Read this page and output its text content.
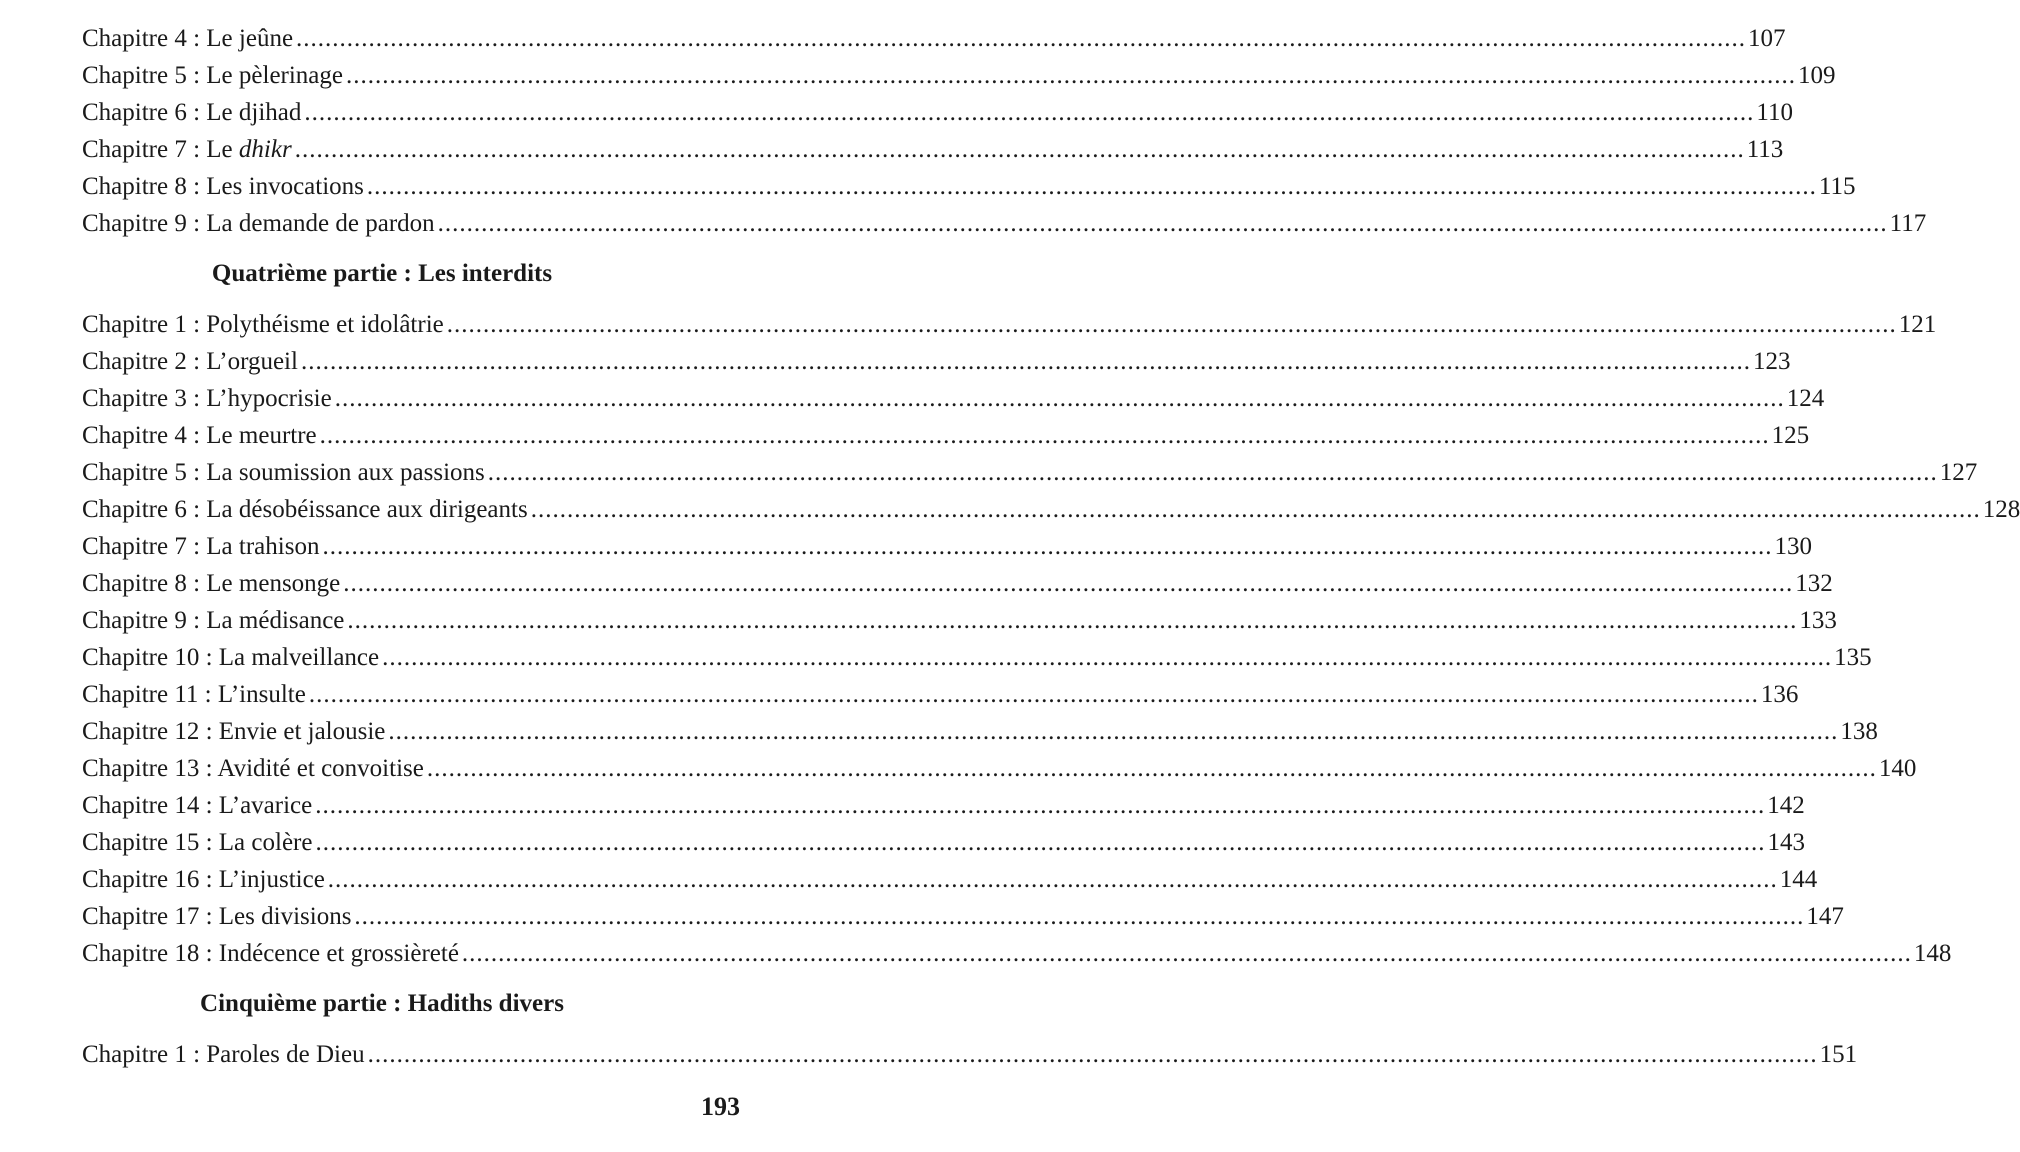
Chapitre 4 : Le jeûne ........................................................................................................................................................................................................ 107
Chapitre 5 : Le pèlerinage ........................................................................................................................................................................................................ 109
Chapitre 6 : Le djihad ........................................................................................................................................................................................................ 110
Chapitre 7 : Le dhikr ........................................................................................................................................................................................................ 113
Chapitre 8 : Les invocations ........................................................................................................................................................................................................ 115
Chapitre 9 : La demande de pardon ........................................................................................................................................................................................................ 117
Quatrième partie : Les interdits
Chapitre 1 : Polythéisme et idolâtrie ........................................................................................................................................................................................................ 121
Chapitre 2 : L’orgueil ........................................................................................................................................................................................................ 123
Chapitre 3 : L’hypocrisie ........................................................................................................................................................................................................ 124
Chapitre 4 : Le meurtre ........................................................................................................................................................................................................ 125
Chapitre 5 : La soumission aux passions ........................................................................................................................................................................................................ 127
Chapitre 6 : La désobéissance aux dirigeants ........................................................................................................................................................................................................ 128
Chapitre 7 : La trahison ........................................................................................................................................................................................................ 130
Chapitre 8 : Le mensonge ........................................................................................................................................................................................................ 132
Chapitre 9 : La médisance ........................................................................................................................................................................................................ 133
Chapitre 10 : La malveillance ........................................................................................................................................................................................................ 135
Chapitre 11 : L’insulte ........................................................................................................................................................................................................ 136
Chapitre 12 : Envie et jalousie ........................................................................................................................................................................................................ 138
Chapitre 13 : Avidité et convoitise ........................................................................................................................................................................................................ 140
Chapitre 14 : L’avarice ........................................................................................................................................................................................................ 142
Chapitre 15 : La colère ........................................................................................................................................................................................................ 143
Chapitre 16 : L’injustice ........................................................................................................................................................................................................ 144
Chapitre 17 : Les divisions ........................................................................................................................................................................................................ 147
Chapitre 18 : Indécence et grossièreté ........................................................................................................................................................................................................ 148
Cinquième partie : Hadiths divers
Chapitre 1 : Paroles de Dieu ........................................................................................................................................................................................................ 151
193
